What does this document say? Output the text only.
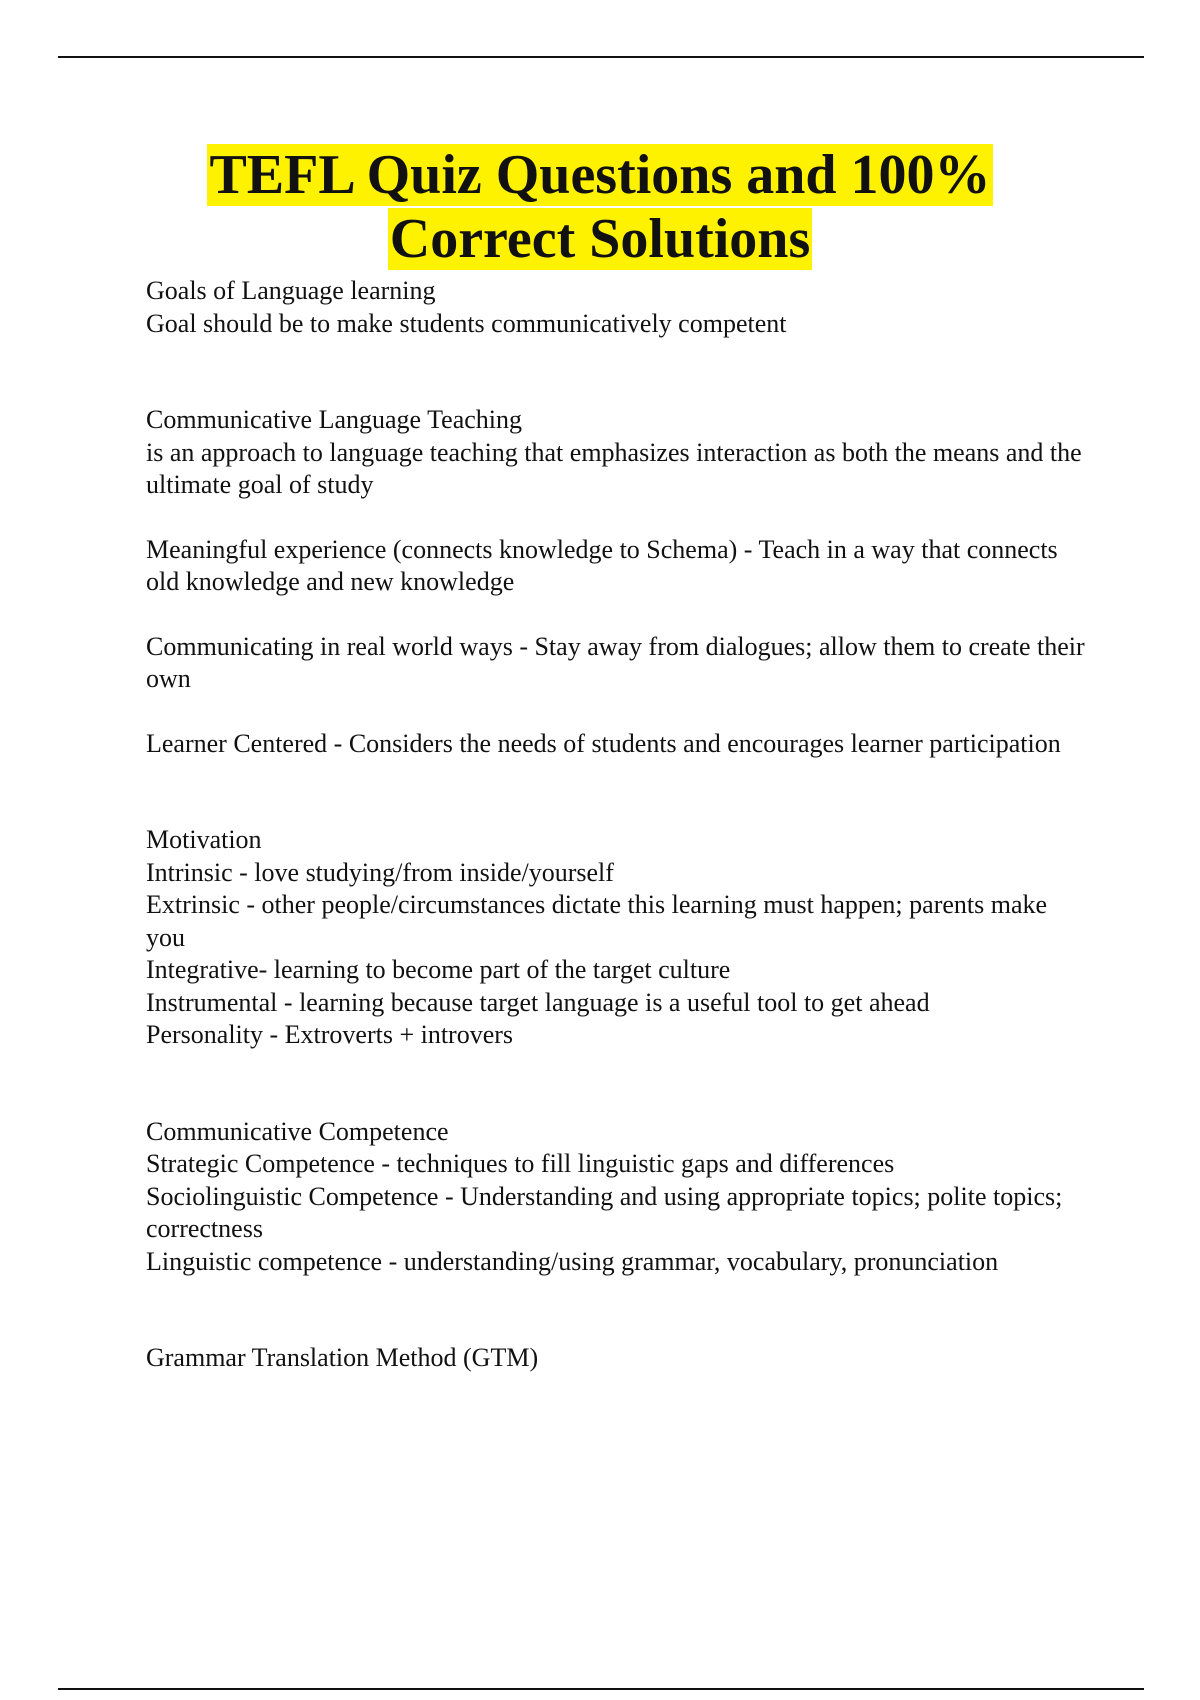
TEFL Quiz Questions and 100%
Correct Solutions

Goals of Language learning

Goal should be to make students communicatively competent

Communicative Language Teaching

is an approach to language teaching that emphasizes interaction as both the means and the ultimate goal of study

Meaningful experience (connects knowledge to Schema) - Teach in a way that connects old knowledge and new knowledge

Communicating in real world ways - Stay away from dialogues; allow them to create their own

Learner Centered - Considers the needs of students and encourages learner participation

Motivation

Intrinsic - love studying/from inside/yourself

Extrinsic - other people/circumstances dictate this learning must happen; parents make you

Integrative- learning to become part of the target culture

Instrumental - learning because target language is a useful tool to get ahead

Personality - Extroverts + introvers

Communicative Competence

Strategic Competence - techniques to fill linguistic gaps and differences

Sociolinguistic Competence - Understanding and using appropriate topics; polite topics; correctness

Linguistic competence - understanding/using grammar, vocabulary, pronunciation

Grammar Translation Method (GTM)
